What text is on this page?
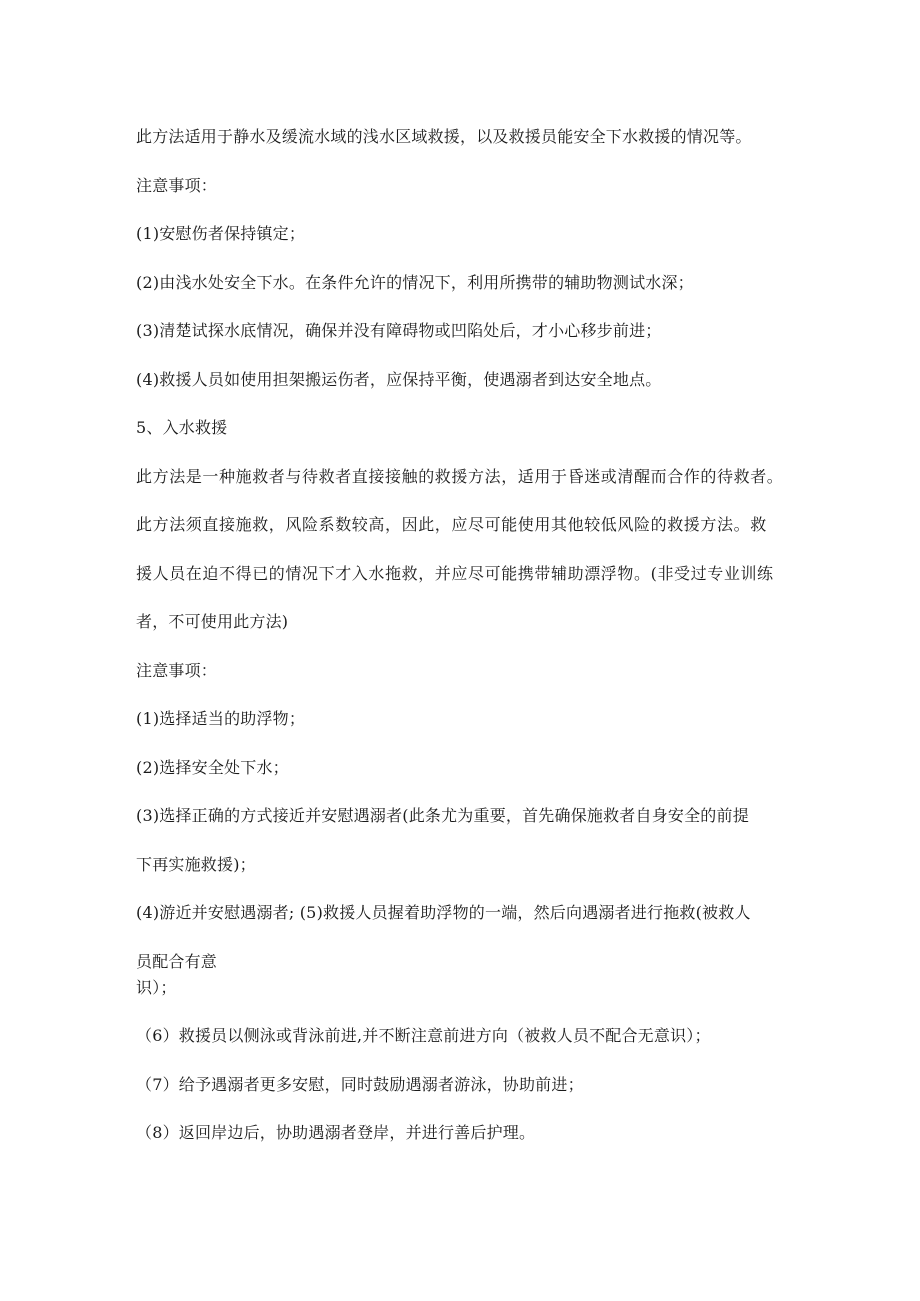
此方法适用于静水及缓流水域的浅水区域救援，以及救援员能安全下水救援的情况等。
注意事项：
(1)安慰伤者保持镇定；
(2)由浅水处安全下水。在条件允许的情况下，利用所携带的辅助物测试水深；
(3)清楚试探水底情况，确保并没有障碍物或凹陷处后，才小心移步前进；
(4)救援人员如使用担架搬运伤者，应保持平衡，使遇溺者到达安全地点。
5、入水救援
此方法是一种施救者与待救者直接接触的救援方法，适用于昏迷或清醒而合作的待救者。
此方法须直接施救，风险系数较高，因此，应尽可能使用其他较低风险的救援方法。救
援人员在迫不得已的情况下才入水拖救，并应尽可能携带辅助漂浮物。(非受过专业训练
者，不可使用此方法)
注意事项：
(1)选择适当的助浮物；
(2)选择安全处下水；
(3)选择正确的方式接近并安慰遇溺者(此条尤为重要，首先确保施救者自身安全的前提
下再实施救援)；
(4)游近并安慰遇溺者; (5)救援人员握着助浮物的一端，然后向遇溺者进行拖救(被救人
员配合有意
识）；
（6）救援员以侧泳或背泳前进,并不断注意前进方向（被救人员不配合无意识）；
（7）给予遇溺者更多安慰，同时鼓励遇溺者游泳，协助前进；
（8）返回岸边后，协助遇溺者登岸，并进行善后护理。
